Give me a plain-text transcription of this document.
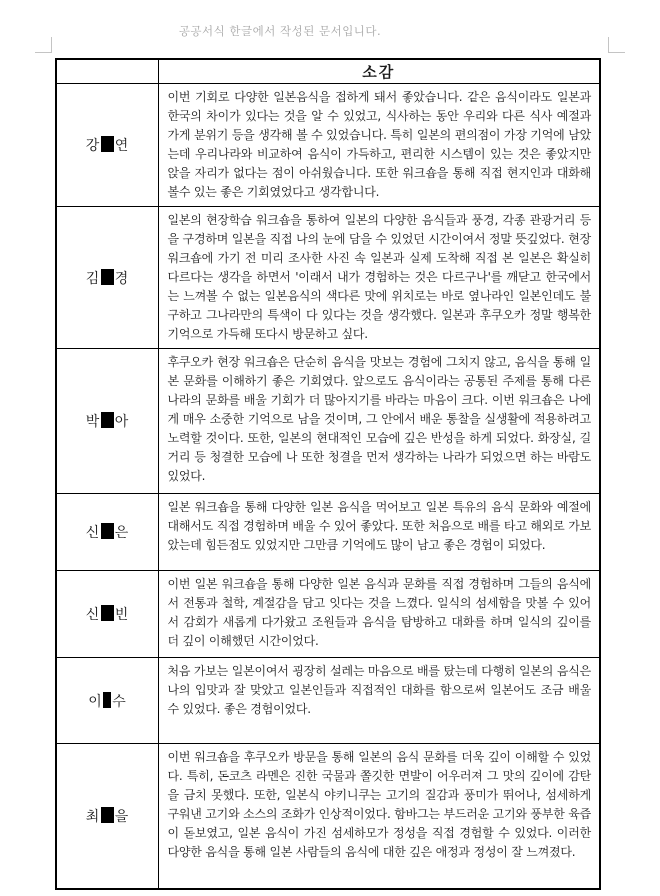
공공서식 한글에서 작성된 문서입니다.
	소감
강 연	이번 기회로 다양한 일본음식을 접하게 돼서 좋았습니다. 같은 음식이라도 일본과 한국의 차이가 있다는 것을 알 수 있었고, 식사하는 동안 우리와 다른 식사 예절과 가게 분위기 등을 생각해 볼 수 있었습니다. 특히 일본의 편의점이 가장 기억에 남았는데 우리나라와 비교하여 음식이 가득하고, 편리한 시스템이 있는 것은 좋았지만 앉을 자리가 없다는 점이 아쉬웠습니다. 또한 워크숍을 통해 직접 현지인과 대화해 볼수 있는 좋은 기회였었다고 생각합니다.
김 경	일본의 현장학습 워크숍을 통하여 일본의 다양한 음식들과 풍경, 각종 관광거리 등을 구경하며 일본을 직접 나의 눈에 담을 수 있었던 시간이여서 정말 뜻깊었다. 현장 워크숍에 가기 전 미리 조사한 사진 속 일본과 실제 도착해 직접 본 일본은 확실히 다르다는 생각을 하면서 '이래서 내가 경험하는 것은 다르구나'를 깨닫고 한국에서는 느껴볼 수 없는 일본음식의 색다른 맛에 위치로는 바로 옆나라인 일본인데도 불구하고 그나라만의 특색이 다 있다는 것을 생각했다. 일본과 후쿠오카 정말 행복한 기억으로 가득해 또다시 방문하고 싶다.
박 아	후쿠오카 현장 워크숍은 단순히 음식을 맛보는 경험에 그치지 않고, 음식을 통해 일본 문화를 이해하기 좋은 기회였다. 앞으로도 음식이라는 공통된 주제를 통해 다른 나라의 문화를 배울 기회가 더 많아지기를 바라는 마음이 크다. 이번 워크숍은 나에게 매우 소중한 기억으로 남을 것이며, 그 안에서 배운 통찰을 실생활에 적용하려고 노력할 것이다. 또한, 일본의 현대적인 모습에 깊은 반성을 하게 되었다. 화장실, 길거리 등 청결한 모습에 나 또한 청결을 먼저 생각하는 나라가 되었으면 하는 바람도 있었다.
신 은	일본 워크숍을 통해 다양한 일본 음식을 먹어보고 일본 특유의 음식 문화와 예절에 대해서도 직접 경험하며 배울 수 있어 좋았다. 또한 처음으로 배를 타고 해외로 가보았는데 힘든점도 있었지만 그만큼 기억에도 많이 남고 좋은 경험이 되었다.
신 빈	이번 일본 워크숍을 통해 다양한 일본 음식과 문화를 직접 경험하며 그들의 음식에서 전통과 철학, 계절감을 담고 잇다는 것을 느꼈다. 일식의 섬세함을 맛볼 수 있어서 감회가 새롭게 다가왔고 조원들과 음식을 탐방하고 대화를 하며 일식의 깊이를 더 깊이 이해했던 시간이었다.
이 수	처음 가보는 일본이여서 굉장히 설레는 마음으로 배를 탔는데 다행히 일본의 음식은 나의 입맛과 잘 맞았고 일본인들과 직접적인 대화를 함으로써 일본어도 조금 배울 수 있었다. 좋은 경험이었다.
최 을	이번 워크숍을 후쿠오카 방문을 통해 일본의 음식 문화를 더욱 깊이 이해할 수 있었다. 특히, 돈코츠 라멘은 진한 국물과 쫄깃한 면발이 어우러져 그 맛의 깊이에 감탄을 금치 못했다. 또한, 일본식 야키니쿠는 고기의 질감과 풍미가 뛰어나, 섬세하게 구워낸 고기와 소스의 조화가 인상적이었다. 함바그는 부드러운 고기와 풍부한 육즙이 돋보였고, 일본 음식이 가진 섬세하모가 정성을 직접 경험할 수 있었다. 이러한 다양한 음식을 통해 일본 사람들의 음식에 대한 깊은 애정과 정성이 잘 느껴졌다.
